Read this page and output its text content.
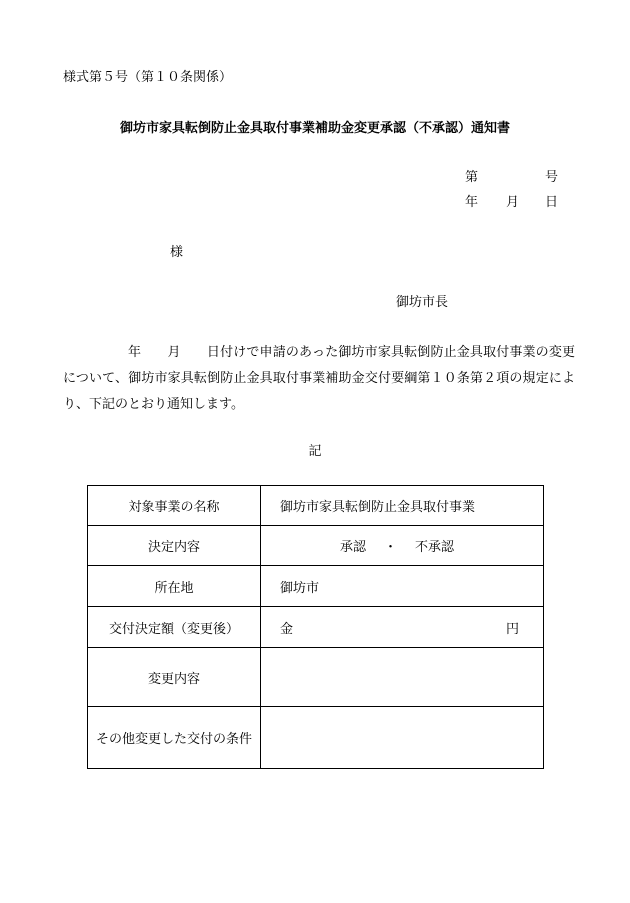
様式第５号（第１０条関係）
御坊市家具転倒防止金具取付事業補助金変更承認（不承認）通知書
第	号
年 月 日
様
御坊市長
年　　月　　日付けで申請のあった御坊市家具転倒防止金具取付事業の変更について、御坊市家具転倒防止金具取付事業補助金交付要綱第１０条第２項の規定により、下記のとおり通知します。
記
対象事業の名称	御坊市家具転倒防止金具取付事業
決定内容	承認 ・ 不承認

所在地	御坊市
交付決定額（変更後）	金 円

変更内容	
その他変更した交付の条件	
